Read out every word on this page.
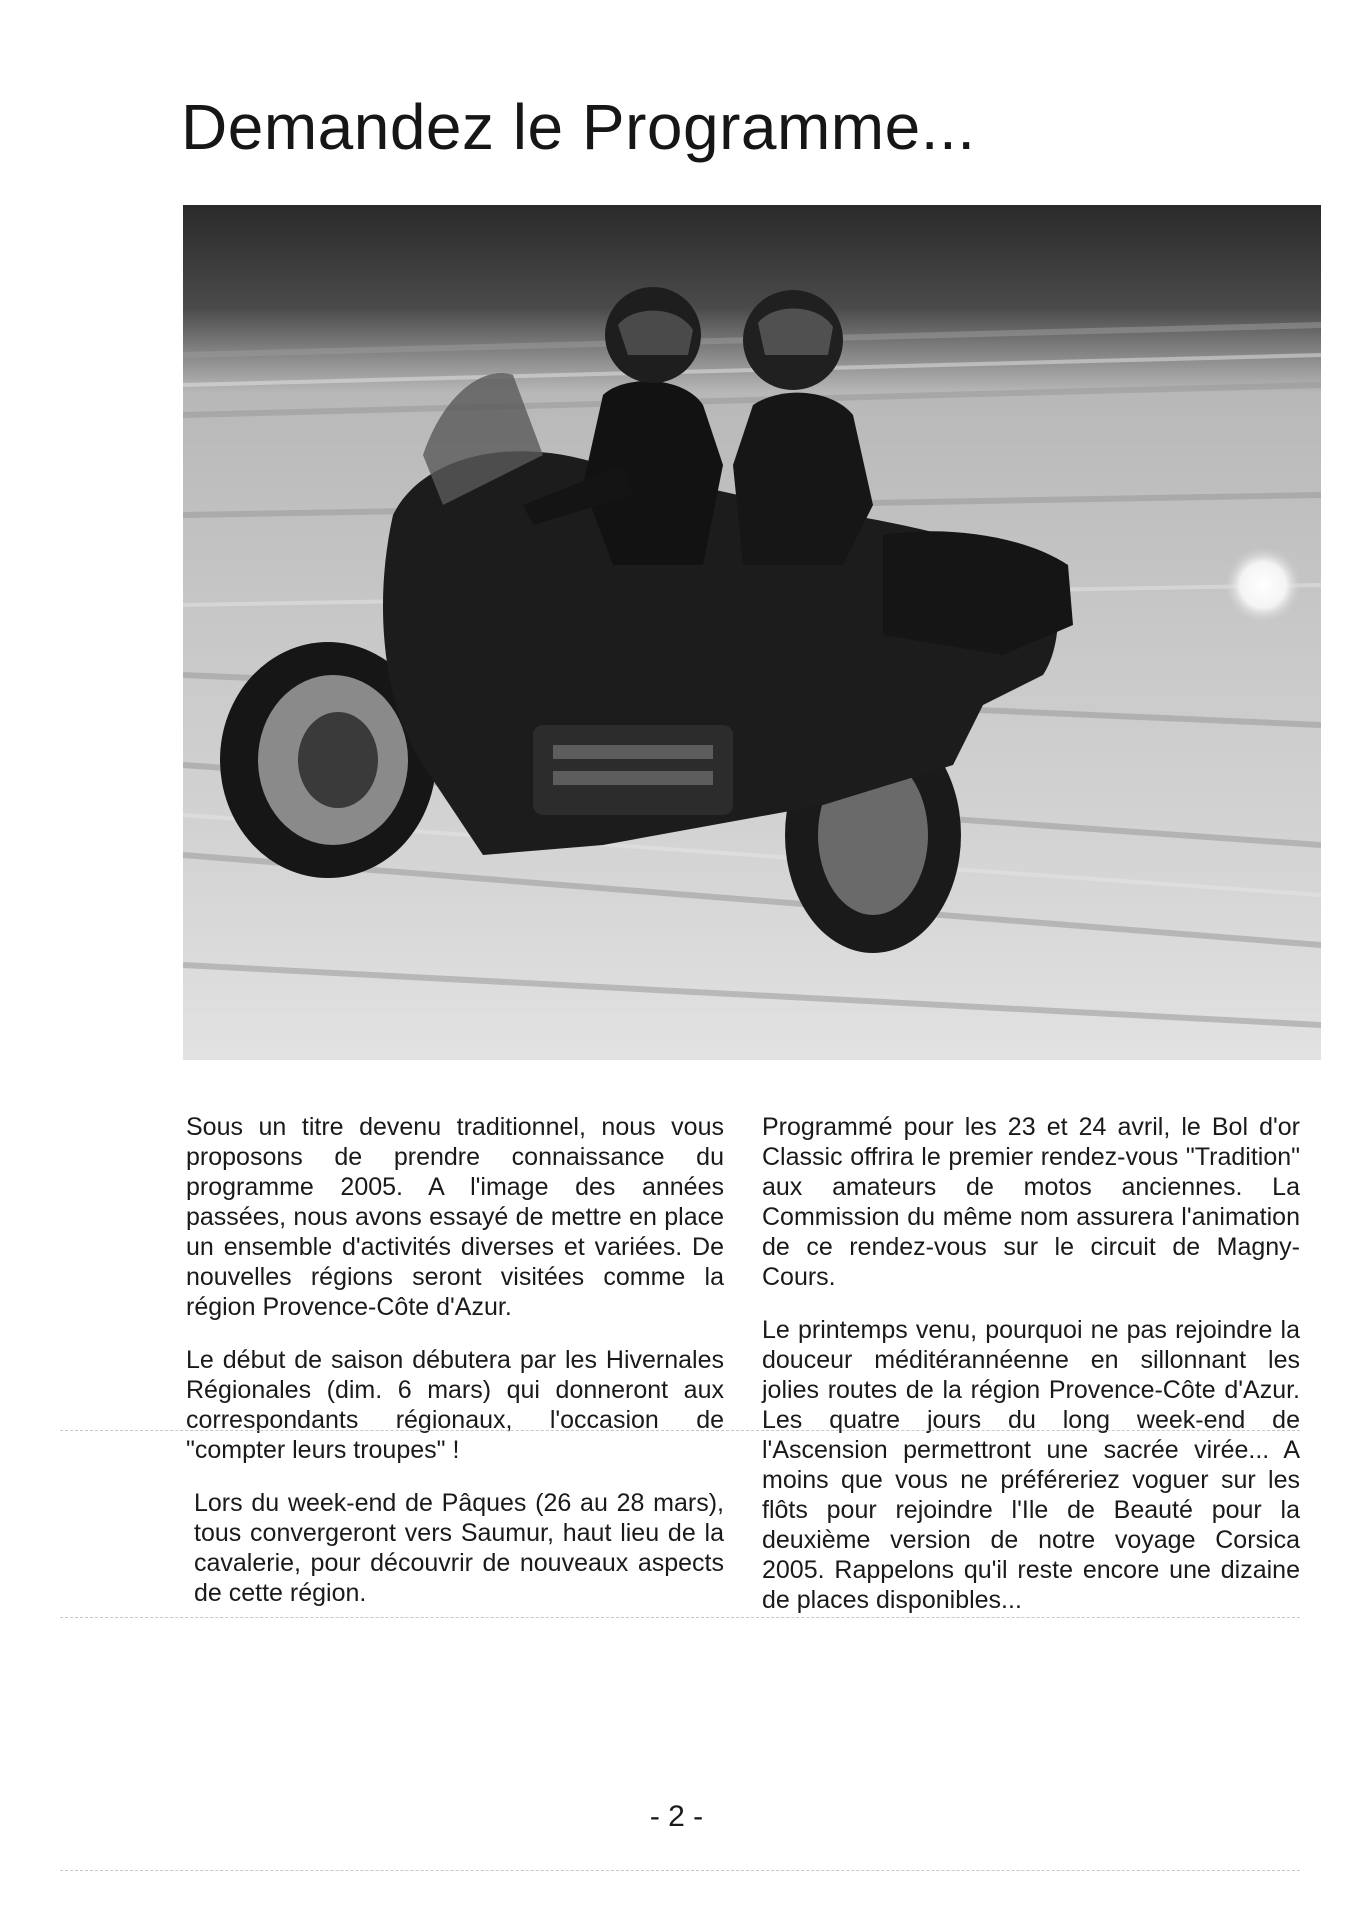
Demandez le Programme...

Sous un titre devenu traditionnel, nous vous proposons de prendre connaissance du programme 2005. A l'image des années passées, nous avons essayé de mettre en place un ensemble d'activités diverses et variées. De nouvelles régions seront visitées comme la région Provence-Côte d'Azur.

Le début de saison débutera par les Hivernales Régionales (dim. 6 mars) qui donneront aux correspondants régionaux, l'occasion de "compter leurs troupes" !

Lors du week-end de Pâques (26 au 28 mars), tous convergeront vers Saumur, haut lieu de la cavalerie, pour découvrir de nouveaux aspects de cette région.

Programmé pour les 23 et 24 avril, le Bol d'or Classic offrira le premier rendez-vous "Tradition" aux amateurs de motos anciennes. La Commission du même nom assurera l'animation de ce rendez-vous sur le circuit de Magny-Cours.

Le printemps venu, pourquoi ne pas rejoindre la douceur méditérannéenne en sillonnant les jolies routes de la région Provence-Côte d'Azur. Les quatre jours du long week-end de l'Ascension permettront une sacrée virée... A moins que vous ne préféreriez voguer sur les flôts pour rejoindre l'Ile de Beauté pour la deuxième version de notre voyage Corsica 2005. Rappelons qu'il reste encore une dizaine de places disponibles...

- 2 -
